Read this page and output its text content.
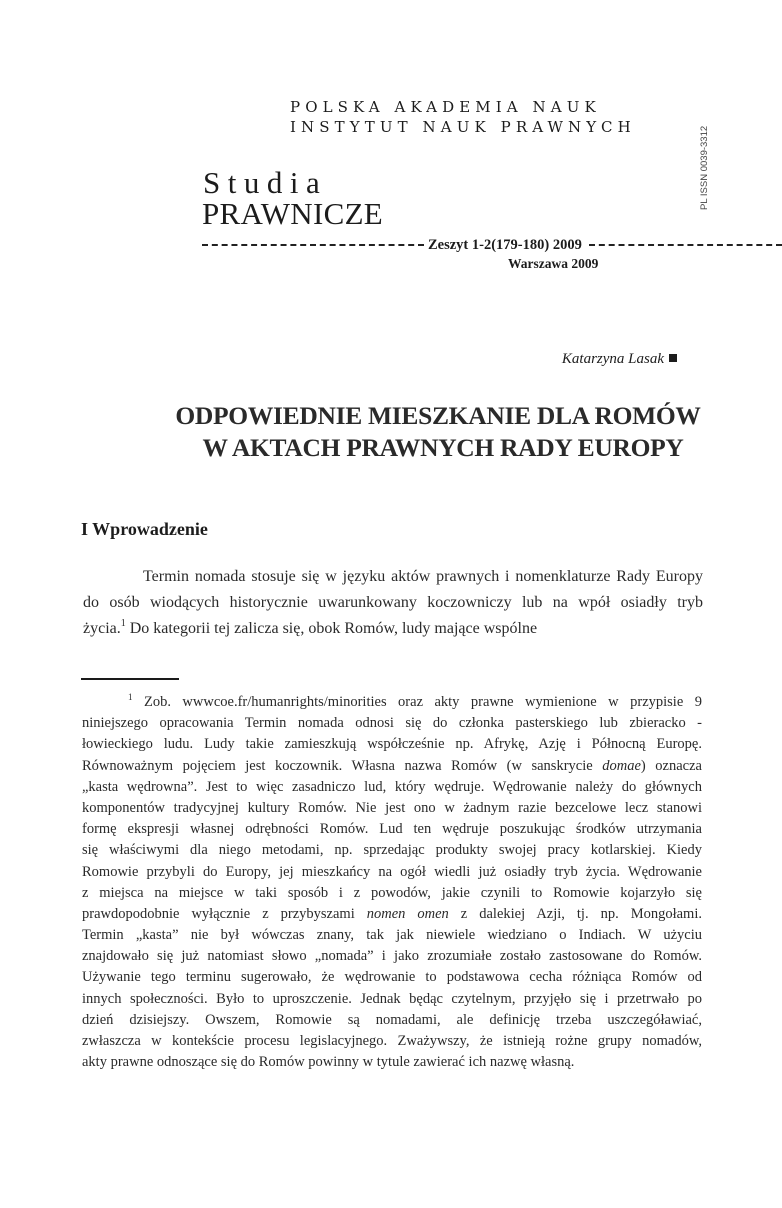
POLSKA AKADEMIA NAUK
INSTYTUT NAUK PRAWNYCH	PL ISSN 0039-3312
Studia
PRAWNICZE
Zeszyt 1-2(179-180) 2009
Warszawa 2009
Katarzyna Lasak
ODPOWIEDNIE MIESZKANIE DLA ROMÓW
W AKTACH PRAWNYCH RADY EUROPY
I Wprowadzenie
Termin nomada stosuje się w języku aktów prawnych i nomenklaturze Rady Europy
do osób wiodących historycznie uwarunkowany koczowniczy lub na wpół osiadły tryb
życia.$^1$ Do kategorii tej zalicza się, obok Romów, ludy mające wspólne
$^1$ Zob. wwwcoe.fr/humanrights/minorities oraz akty prawne wymienione w przypisie 9
niniejszego opracowania Termin nomada odnosi się do członka pasterskiego lub zbieracko -
łowieckiego ludu. Ludy takie zamieszkują współcześnie np. Afrykę, Azję i Północną Europę.
Równoważnym pojęciem jest koczownik. Własna nazwa Romów (w sanskrycie domae) oznacza
„kasta wędrowna”. Jest to więc zasadniczo lud, który wędruje. Wędrowanie należy do głównych
komponentów tradycyjnej kultury Romów. Nie jest ono w żadnym razie bezcelowe lecz stanowi
formę ekspresji własnej odrębności Romów. Lud ten wędruje poszukując środków utrzymania
się właściwymi dla niego metodami, np. sprzedając produkty swojej pracy kotlarskiej. Kiedy
Romowie przybyli do Europy, jej mieszkańcy na ogół wiedli już osiadły tryb życia. Wędrowanie
z miejsca na miejsce w taki sposób i z powodów, jakie czynili to Romowie kojarzyło się
prawdopodobnie wyłącznie z przybyszami nomen omen z dalekiej Azji, tj. np. Mongołami.
Termin „kasta” nie był wówczas znany, tak jak niewiele wiedziano o Indiach. W użyciu
znajdowało się już natomiast słowo „nomada” i jako zrozumiałe zostało zastosowane do Romów.
Używanie tego terminu sugerowało, że wędrowanie to podstawowa cecha różniąca Romów od
innych społeczności. Było to uproszczenie. Jednak będąc czytelnym, przyjęło się i przetrwało po
dzień dzisiejszy. Owszem, Romowie są nomadami, ale definicję trzeba uszczegóławiać,
zwłaszcza w kontekście procesu legislacyjnego. Zważywszy, że istnieją rożne grupy nomadów,
akty prawne odnoszące się do Romów powinny w tytule zawierać ich nazwę własną.
